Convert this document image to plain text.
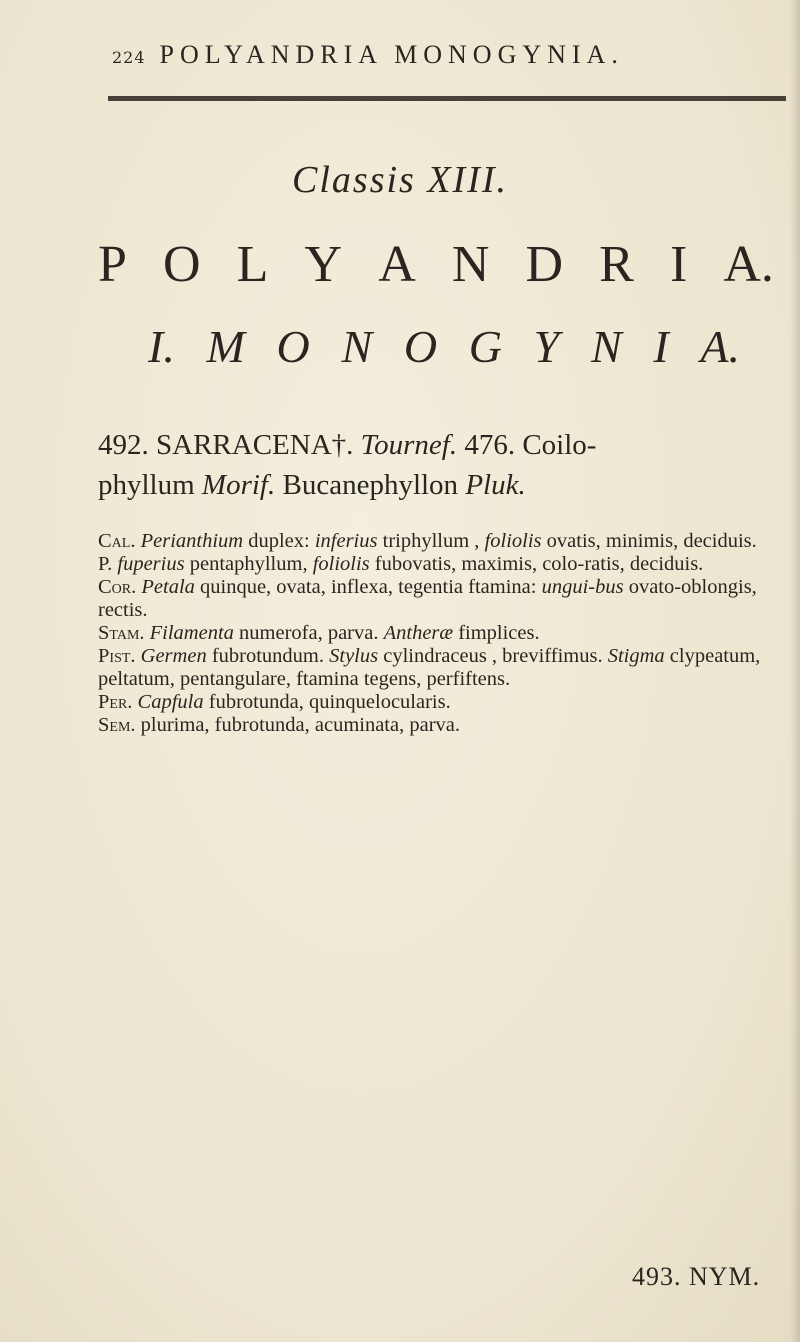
224 POLYANDRIA MONOGYNIA.
Classis XIII.
P O L Y A N D R I A.
I. M O N O G Y N I A.
492. SARRACENA†. Tournef. 476. Coilo-
phyllum Morif. Bucanephyllon Pluk.
Cal. Perianthium duplex: inferius triphyllum , foliolis ovatis, minimis, deciduis.
P. fuperius pentaphyllum, foliolis fubovatis, maximis, colo-ratis, deciduis.
Cor. Petala quinque, ovata, inflexa, tegentia ftamina: ungui-bus ovato-oblongis, rectis.
Stam. Filamenta numerofa, parva. Antheræ fimplices.
Pist. Germen fubrotundum. Stylus cylindraceus , breviffimus. Stigma clypeatum, peltatum, pentangulare, ftamina tegens, perfiftens.
Per. Capfula fubrotunda, quinquelocularis.
Sem. plurima, fubrotunda, acuminata, parva.
493. NYM.
